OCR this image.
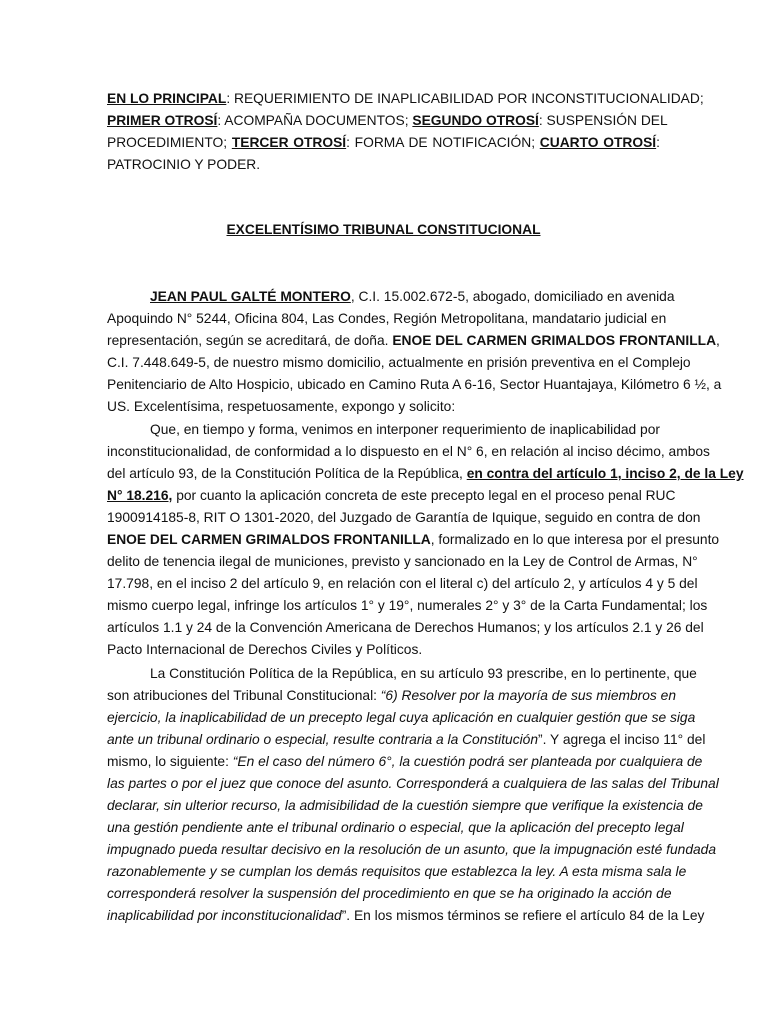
EN LO PRINCIPAL: REQUERIMIENTO DE INAPLICABILIDAD POR INCONSTITUCIONALIDAD;
PRIMER OTROSÍ: ACOMPAÑA DOCUMENTOS; SEGUNDO OTROSÍ: SUSPENSIÓN DEL
PROCEDIMIENTO; TERCER OTROSÍ: FORMA DE NOTIFICACIÓN; CUARTO OTROSÍ:
PATROCINIO Y PODER.
EXCELENTÍSIMO TRIBUNAL CONSTITUCIONAL
JEAN PAUL GALTÉ MONTERO, C.I. 15.002.672-5, abogado, domiciliado en avenida
Apoquindo N° 5244, Oficina 804, Las Condes, Región Metropolitana, mandatario judicial en
representación, según se acreditará, de doña. ENOE DEL CARMEN GRIMALDOS FRONTANILLA,
C.I. 7.448.649-5, de nuestro mismo domicilio, actualmente en prisión preventiva en el Complejo
Penitenciario de Alto Hospicio, ubicado en Camino Ruta A 6-16, Sector Huantajaya, Kilómetro 6 ½, a
US. Excelentísima, respetuosamente, expongo y solicito:
Que, en tiempo y forma, venimos en interponer requerimiento de inaplicabilidad por
inconstitucionalidad, de conformidad a lo dispuesto en el N° 6, en relación al inciso décimo, ambos
del artículo 93, de la Constitución Política de la República, en contra del artículo 1, inciso 2, de la Ley
N° 18.216, por cuanto la aplicación concreta de este precepto legal en el proceso penal RUC
1900914185-8, RIT O 1301-2020, del Juzgado de Garantía de Iquique, seguido en contra de don
ENOE DEL CARMEN GRIMALDOS FRONTANILLA, formalizado en lo que interesa por el presunto
delito de tenencia ilegal de municiones, previsto y sancionado en la Ley de Control de Armas, N°
17.798, en el inciso 2 del artículo 9, en relación con el literal c) del artículo 2, y artículos 4 y 5 del
mismo cuerpo legal, infringe los artículos 1° y 19°, numerales 2° y 3° de la Carta Fundamental; los
artículos 1.1 y 24 de la Convención Americana de Derechos Humanos; y los artículos 2.1 y 26 del
Pacto Internacional de Derechos Civiles y Políticos.
La Constitución Política de la República, en su artículo 93 prescribe, en lo pertinente, que
son atribuciones del Tribunal Constitucional: “6) Resolver por la mayoría de sus miembros en
ejercicio, la inaplicabilidad de un precepto legal cuya aplicación en cualquier gestión que se siga
ante un tribunal ordinario o especial, resulte contraria a la Constitución”. Y agrega el inciso 11° del
mismo, lo siguiente: “En el caso del número 6°, la cuestión podrá ser planteada por cualquiera de
las partes o por el juez que conoce del asunto. Corresponderá a cualquiera de las salas del Tribunal
declarar, sin ulterior recurso, la admisibilidad de la cuestión siempre que verifique la existencia de
una gestión pendiente ante el tribunal ordinario o especial, que la aplicación del precepto legal
impugnado pueda resultar decisivo en la resolución de un asunto, que la impugnación esté fundada
razonablemente y se cumplan los demás requisitos que establezca la ley. A esta misma sala le
corresponderá resolver la suspensión del procedimiento en que se ha originado la acción de
inaplicabilidad por inconstitucionalidad”. En los mismos términos se refiere el artículo 84 de la Ley
